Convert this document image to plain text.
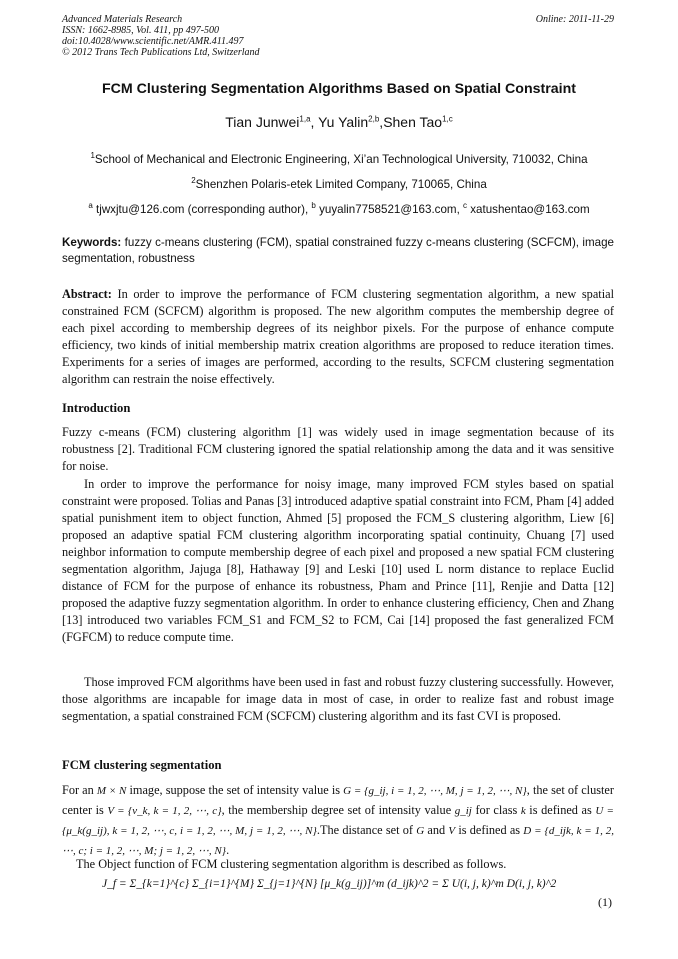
Advanced Materials Research
ISSN: 1662-8985, Vol. 411, pp 497-500
doi:10.4028/www.scientific.net/AMR.411.497
© 2012 Trans Tech Publications Ltd, Switzerland
Online: 2011-11-29
FCM Clustering Segmentation Algorithms Based on Spatial Constraint
Tian Junwei$^{1,a}$, Yu Yalin$^{2,b}$,Shen Tao$^{1,c}$
$^1$School of Mechanical and Electronic Engineering, Xi’an Technological University, 710032, China
$^2$Shenzhen Polaris-etek Limited Company, 710065, China
$^a$ tjwxjtu@126.com (corresponding author), $^b$ yuyalin7758521@163.com, $^c$ xatushentao@163.com
Keywords: fuzzy c-means clustering (FCM), spatial constrained fuzzy c-means clustering (SCFCM), image segmentation, robustness
Abstract: In order to improve the performance of FCM clustering segmentation algorithm, a new spatial constrained FCM (SCFCM) algorithm is proposed. The new algorithm computes the membership degree of each pixel according to membership degrees of its neighbor pixels. For the purpose of enhance compute efficiency, two kinds of initial membership matrix creation algorithms are proposed to reduce iteration times. Experiments for a series of images are performed, according to the results, SCFCM clustering segmentation algorithm can restrain the noise effectively.
Introduction
Fuzzy c-means (FCM) clustering algorithm [1] was widely used in image segmentation because of its robustness [2]. Traditional FCM clustering ignored the spatial relationship among the data and it was sensitive for noise.
In order to improve the performance for noisy image, many improved FCM styles based on spatial constraint were proposed. Tolias and Panas [3] introduced adaptive spatial constraint into FCM, Pham [4] added spatial punishment item to object function, Ahmed [5] proposed the FCM_S clustering algorithm, Liew [6] proposed an adaptive spatial FCM clustering algorithm incorporating spatial continuity, Chuang [7] used neighbor information to compute membership degree of each pixel and proposed a new spatial FCM clustering segmentation algorithm, Jajuga [8], Hathaway [9] and Leski [10] used L norm distance to replace Euclid distance of FCM for the purpose of enhance its robustness, Pham and Prince [11], Renjie and Datta [12] proposed the adaptive fuzzy segmentation algorithm. In order to enhance clustering efficiency, Chen and Zhang [13] introduced two variables FCM_S1 and FCM_S2 to FCM, Cai [14] proposed the fast generalized FCM (FGFCM) to reduce compute time.
Those improved FCM algorithms have been used in fast and robust fuzzy clustering successfully. However, those algorithms are incapable for image data in most of case, in order to realize fast and robust image segmentation, a spatial constrained FCM (SCFCM) clustering algorithm and its fast CVI is proposed.
FCM clustering segmentation
For an M × N image, suppose the set of intensity value is G = {g_ij, i = 1, 2, ⋯, M, j = 1, 2, ⋯, N}, the set of cluster center is V = {v_k, k = 1, 2, ⋯, c}, the membership degree set of intensity value g_ij for class k is defined as U = {μ_k(g_ij), k = 1, 2, ⋯, c, i = 1, 2, ⋯, M, j = 1, 2, ⋯, N}.The distance set of G and V is defined as D = {d_ijk, k = 1, 2, ⋯, c; i = 1, 2, ⋯, M; j = 1, 2, ⋯, N}.
The Object function of FCM clustering segmentation algorithm is described as follows.
J_f = Σ_{k=1}^{c} Σ_{i=1}^{M} Σ_{j=1}^{N} [μ_k(g_ij)]^m (d_ijk)^2 = Σ U(i, j, k)^m D(i, j, k)^2
(1)
